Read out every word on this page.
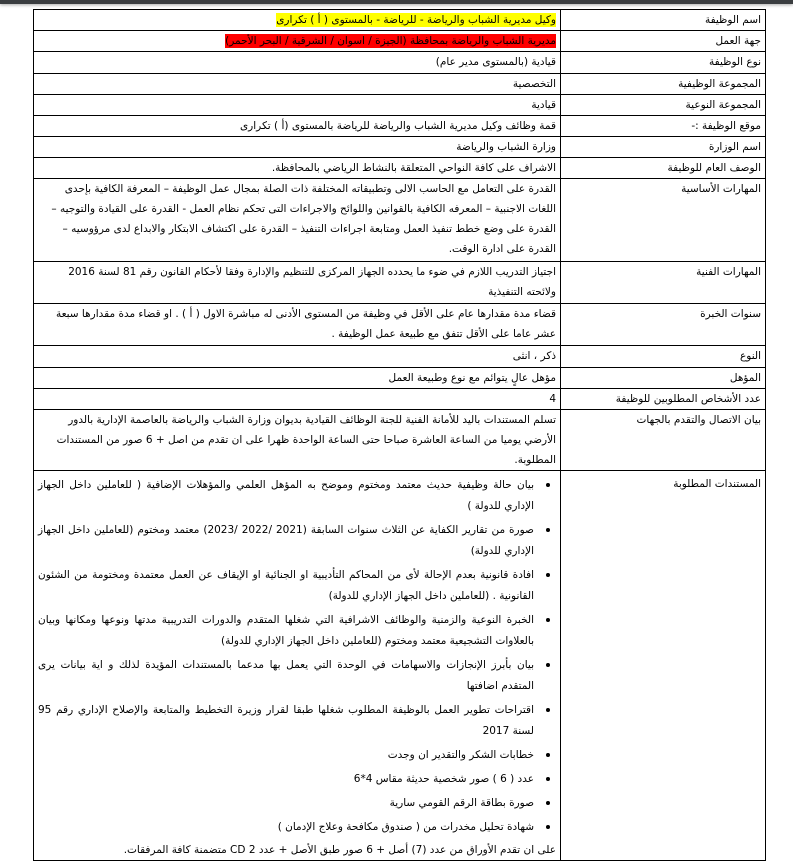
اسم الوظيفة	وكيل مديرية الشباب والرياضة - للرياضة - بالمستوى ( أ ) تكرارى
جهة العمل	مديرية الشباب والرياضة بمحافظة (الجيزة / اسوان / الشرقية / البحر الأحمر)
نوع الوظيفة	قيادية (بالمستوى مدير عام)
المجموعة الوظيفية	التخصصية
المجموعة النوعية	قيادية
موقع الوظيفة :-	قمة وظائف وكيل مديرية الشباب والرياضة للرياضة بالمستوى (أ ) تكرارى
اسم الوزارة	وزارة الشباب والرياضة
الوصف العام للوظيفة	الاشراف على كافة النواحي المتعلقة بالنشاط الرياضي بالمحافظة.
المهارات الأساسية	القدرة على التعامل مع الحاسب الالى وتطبيقاته المختلفة ذات الصلة بمجال عمل الوظيفة – المعرفة الكافية بإحدى اللغات الاجنبية – المعرفه الكافية بالقوانين واللوائح والاجراءات التى تحكم نظام العمل - القدرة على القيادة والتوجيه – القدرة على وضع خطط تنفيذ العمل ومتابعة اجراءات التنفيذ – القدرة على اكتشاف الابتكار والابداع لدى مرؤوسيه – القدرة على ادارة الوقت.
المهارات الفنية	اجتياز التدريب اللازم في ضوء ما يحدده الجهاز المركزى للتنظيم والإدارة وفقا لأحكام القانون رقم 81 لسنة 2016 ولائحته التنفيذية
سنوات الخبرة	قضاء مدة مقدارها عام على الأقل في وظيفة من المستوى الأدنى له مباشرة الاول ( أ ) . او قضاء مدة مقدارها سبعة عشر عاما على الأقل تتفق مع طبيعة عمل الوظيفة .
النوع	ذكر ، انثى
المؤهل	مؤهل عالٍ يتوائم مع نوع وطبيعة العمل
عدد الأشخاص المطلوبين للوظيفة	4
بيان الاتصال والتقدم بالجهات	تسلم المستندات باليد للأمانة الفنية للجنة الوظائف القيادية بديوان وزارة الشباب والرياضة بالعاصمة الإدارية بالدور الأرضي يوميا من الساعة العاشرة صباحا حتى الساعة الواحدة ظهرا على ان تقدم من اصل + 6 صور من المستندات المطلوبة.
المستندات المطلوبة	
بيان حالة وظيفية حديث معتمد ومختوم وموضح به المؤهل العلمي والمؤهلات الإضافية ( للعاملين داخل الجهاز الإداري للدولة )
صورة من تقارير الكفاية عن الثلاث سنوات السابقة (2021 /2022 /2023) معتمد ومختوم (للعاملين داخل الجهاز الإداري للدولة)
افادة قانونية بعدم الإحالة لأى من المحاكم التأديبية او الجنائية او الإيقاف عن العمل معتمدة ومختومة من الشئون القانونية . (للعاملين داخل الجهاز الإداري للدولة)
الخبرة النوعية والزمنية والوظائف الاشرافية التي شغلها المتقدم والدورات التدريبية مدتها ونوعها ومكانها وبيان بالعلاوات التشجيعية معتمد ومختوم (للعاملين داخل الجهاز الإداري للدولة)
بيان بأبرز الإنجازات والاسهامات في الوحدة التي يعمل بها مدعما بالمستندات المؤيدة لذلك و اية بيانات يرى المتقدم اضافتها
اقتراحات تطوير العمل بالوظيفة المطلوب شغلها طبقا لقرار وزيرة التخطيط والمتابعة والإصلاح الإداري رقم 95 لسنة 2017
خطابات الشكر والتقدير ان وجدت
عدد ( 6 ) صور شخصية حديثة مقاس 4*6
صورة بطاقة الرقم القومي سارية
شهادة تحليل مخدرات من ( صندوق مكافحة وعلاج الإدمان )
على ان تقدم الأوراق من عدد (7) أصل + 6 صور طبق الأصل + عدد 2 CD متضمنة كافة المرفقات.
